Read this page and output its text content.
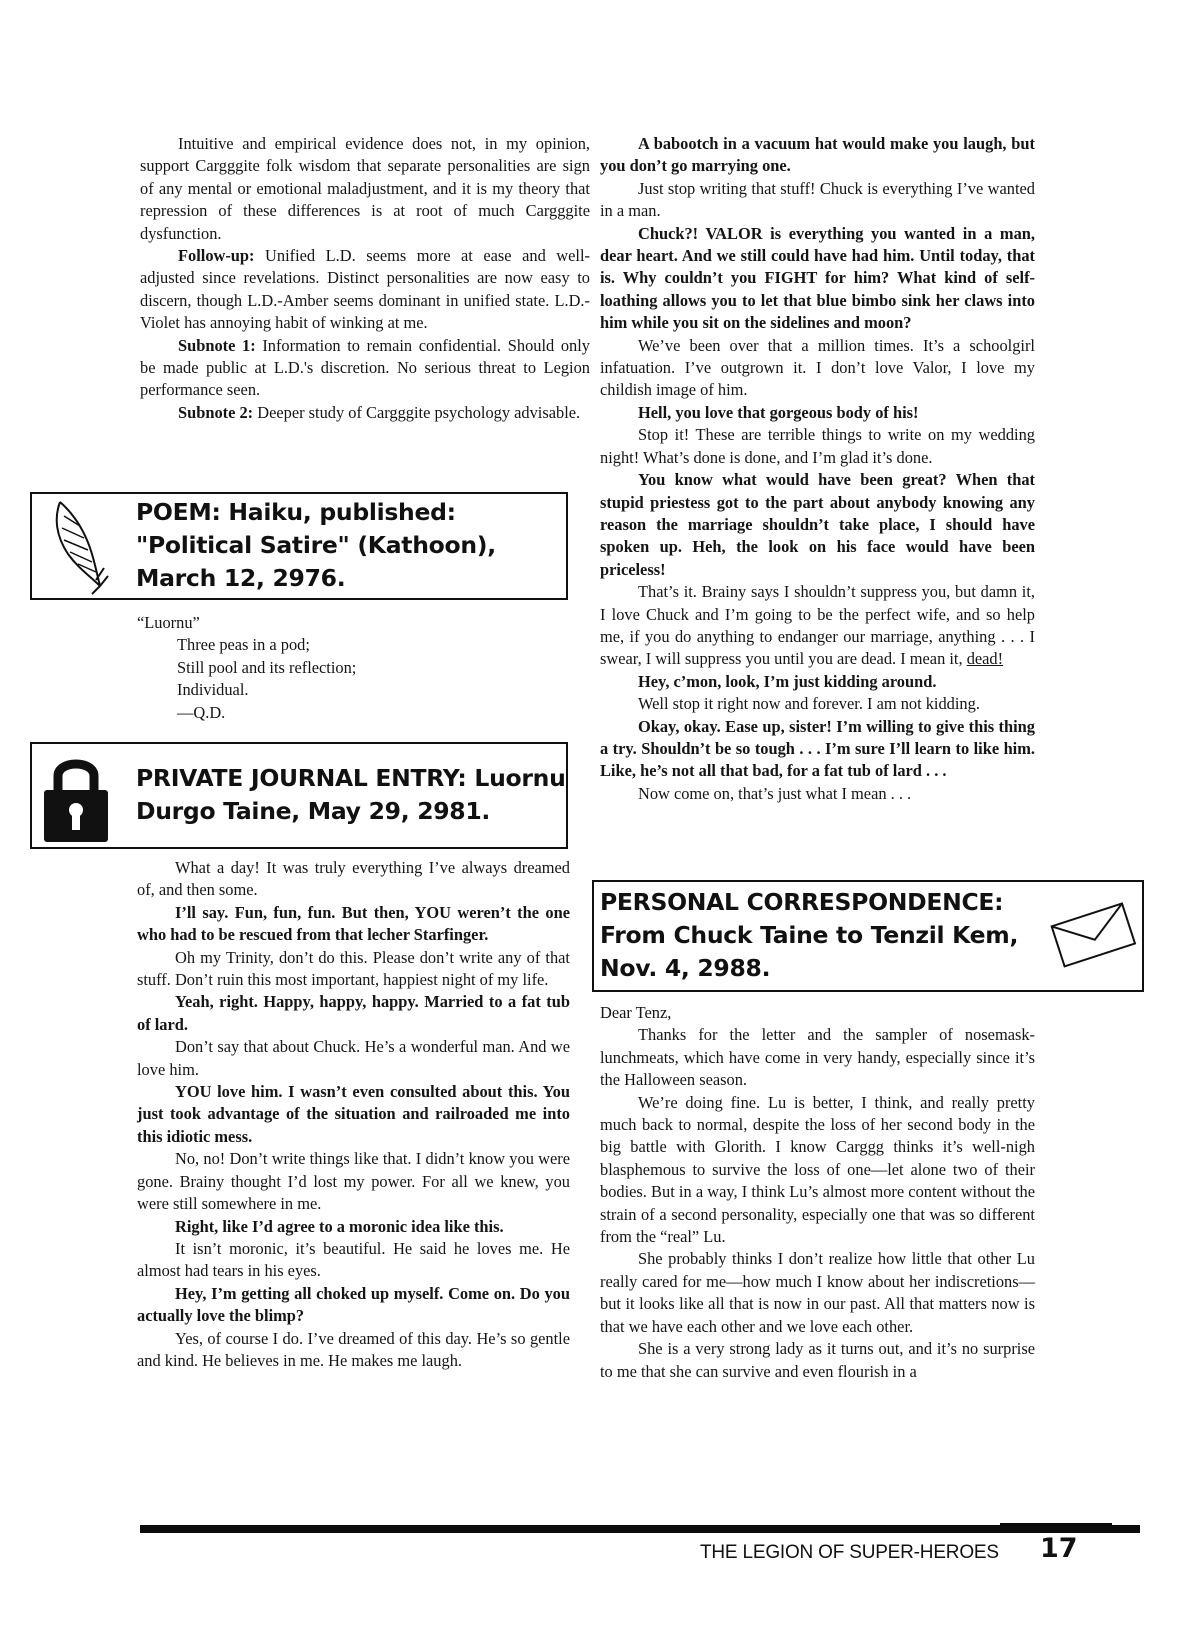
Intuitive and empirical evidence does not, in my opinion, support Cargggite folk wisdom that separate personalities are sign of any mental or emotional maladjustment, and it is my theory that repression of these differences is at root of much Cargggite dysfunction.

Follow-up: Unified L.D. seems more at ease and well-adjusted since revelations. Distinct personalities are now easy to discern, though L.D.-Amber seems dominant in unified state. L.D.-Violet has annoying habit of winking at me.

Subnote 1: Information to remain confidential. Should only be made public at L.D.'s discretion. No serious threat to Legion performance seen.

Subnote 2: Deeper study of Cargggite psychology advisable.

POEM: Haiku, published:
"Political Satire" (Kathoon),
March 12, 2976.
“Luornu”
Three peas in a pod;
Still pool and its reflection;
Individual.
—Q.D.
PRIVATE JOURNAL ENTRY: Luornu
Durgo Taine, May 29, 2981.

What a day! It was truly everything I’ve always dreamed of, and then some.

I’ll say. Fun, fun, fun. But then, YOU weren’t the one who had to be rescued from that lecher Starfinger.

Oh my Trinity, don’t do this. Please don’t write any of that stuff. Don’t ruin this most important, happiest night of my life.

Yeah, right. Happy, happy, happy. Married to a fat tub of lard.

Don’t say that about Chuck. He’s a wonderful man. And we love him.

YOU love him. I wasn’t even consulted about this. You just took advantage of the situation and railroaded me into this idiotic mess.

No, no! Don’t write things like that. I didn’t know you were gone. Brainy thought I’d lost my power. For all we knew, you were still somewhere in me.

Right, like I’d agree to a moronic idea like this.

It isn’t moronic, it’s beautiful. He said he loves me. He almost had tears in his eyes.

Hey, I’m getting all choked up myself. Come on. Do you actually love the blimp?

Yes, of course I do. I’ve dreamed of this day. He’s so gentle and kind. He believes in me. He makes me laugh.

A babootch in a vacuum hat would make you laugh, but you don’t go marrying one.

Just stop writing that stuff! Chuck is everything I’ve wanted in a man.

Chuck?! VALOR is everything you wanted in a man, dear heart. And we still could have had him. Until today, that is. Why couldn’t you FIGHT for him? What kind of self-loathing allows you to let that blue bimbo sink her claws into him while you sit on the sidelines and moon?

We’ve been over that a million times. It’s a schoolgirl infatuation. I’ve outgrown it. I don’t love Valor, I love my childish image of him.

Hell, you love that gorgeous body of his!

Stop it! These are terrible things to write on my wedding night! What’s done is done, and I’m glad it’s done.

You know what would have been great? When that stupid priestess got to the part about anybody knowing any reason the marriage shouldn’t take place, I should have spoken up. Heh, the look on his face would have been priceless!

That’s it. Brainy says I shouldn’t suppress you, but damn it, I love Chuck and I’m going to be the perfect wife, and so help me, if you do anything to endanger our marriage, anything . . . I swear, I will suppress you until you are dead. I mean it, dead!

Hey, c’mon, look, I’m just kidding around.

Well stop it right now and forever. I am not kidding.

Okay, okay. Ease up, sister! I’m willing to give this thing a try. Shouldn’t be so tough . . . I’m sure I’ll learn to like him. Like, he’s not all that bad, for a fat tub of lard . . .

Now come on, that’s just what I mean . . .

PERSONAL CORRESPONDENCE:
From Chuck Taine to Tenzil Kem,
Nov. 4, 2988.

Dear Tenz,

Thanks for the letter and the sampler of nosemask-lunchmeats, which have come in very handy, especially since it’s the Halloween season.

We’re doing fine. Lu is better, I think, and really pretty much back to normal, despite the loss of her second body in the big battle with Glorith. I know Carggg thinks it’s well-nigh blasphemous to survive the loss of one—let alone two of their bodies. But in a way, I think Lu’s almost more content without the strain of a second personality, especially one that was so different from the “real” Lu.

She probably thinks I don’t realize how little that other Lu really cared for me—how much I know about her indiscretions—but it looks like all that is now in our past. All that matters now is that we have each other and we love each other.

She is a very strong lady as it turns out, and it’s no surprise to me that she can survive and even flourish in a

THE LEGION OF SUPER-HEROES 17
